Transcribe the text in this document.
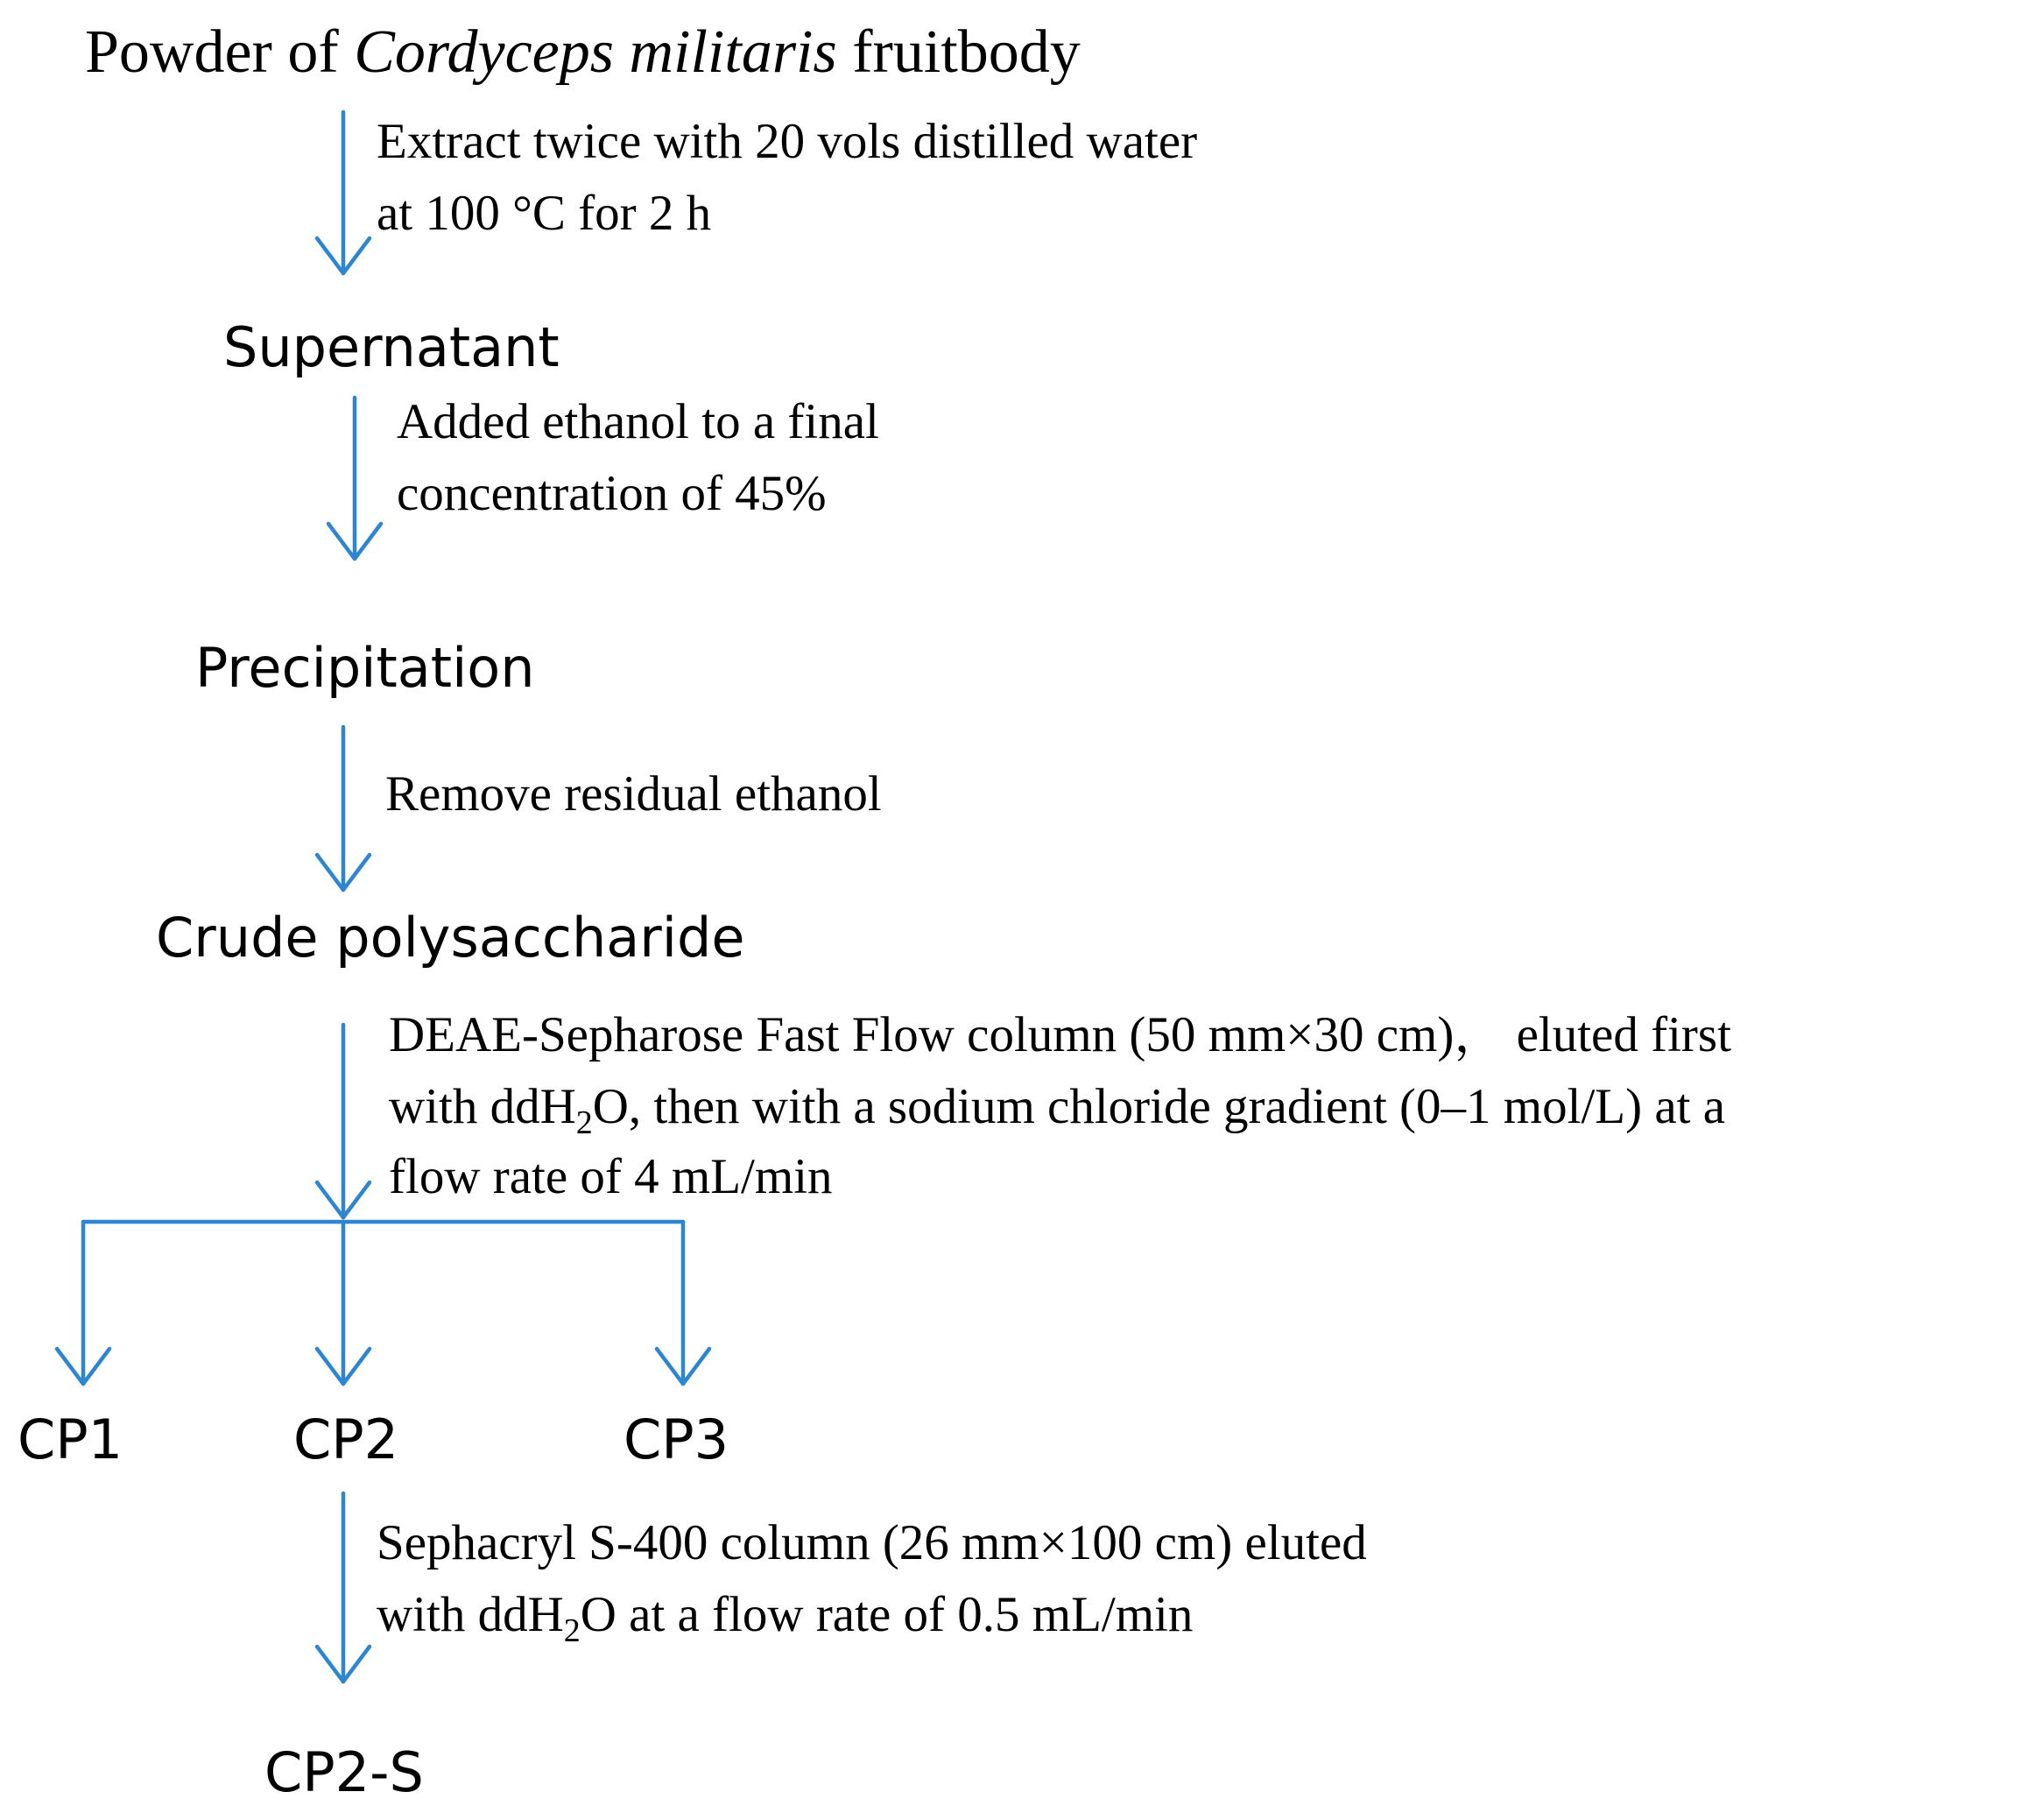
Powder of Cordyceps militaris fruitbody
Extract twice with 20 vols distilled water
at 100 °C for 2 h
Supernatant
Added ethanol to a final
concentration of 45%
Precipitation
Remove residual ethanol
Crude polysaccharide
DEAE-Sepharose Fast Flow column (50 mm×30 cm)， eluted first
with ddH$_2$O, then with a sodium chloride gradient (0–1 mol/L) at a
flow rate of 4 mL/min
CP1	CP2	CP3
Sephacryl S-400 column (26 mm×100 cm) eluted
with ddH$_2$O at a flow rate of 0.5 mL/min
CP2-S
